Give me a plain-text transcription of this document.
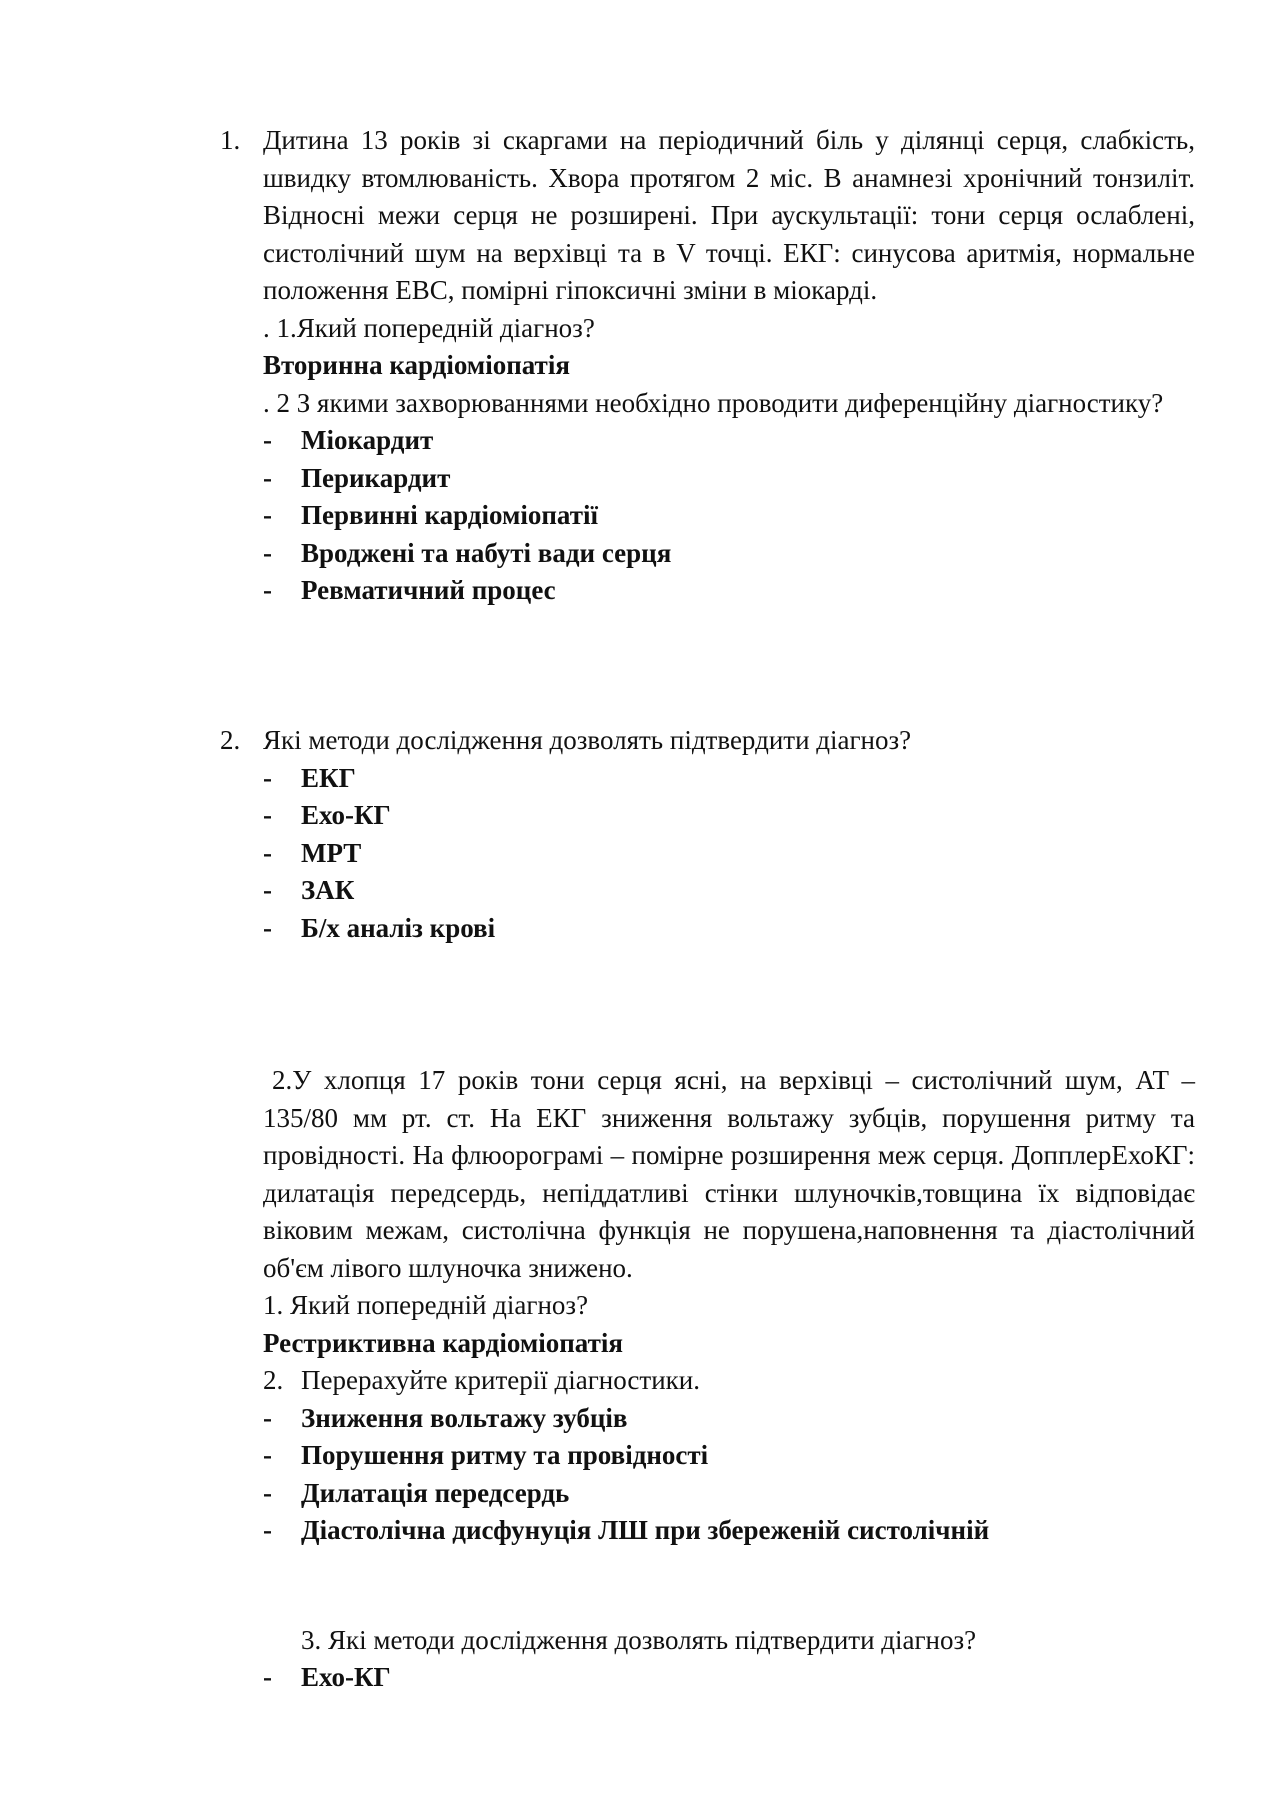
1. Дитина 13 років зі скаргами на періодичний біль у ділянці серця, слабкість, швидку втомлюваність. Хвора протягом 2 міс. В анамнезі хронічний тонзиліт. Відносні межи серця не розширені. При аускультації: тони серця ослаблені, систолічний шум на верхівці та в V точці. ЕКГ: синусова аритмія, нормальне положення ЕВС, помірні гіпоксичні зміни в міокарді.

. 1.Який попередній діагноз?

Вторинна кардіоміопатія

. 2 З якими захворюваннями необхідно проводити диференційну діагностику?

-	Міокардит
-	Перикардит
-	Первинні кардіоміопатії
-	Вроджені та набуті вади серця
-	Ревматичний процес
2. Які методи дослідження дозволять підтвердити діагноз?

-	ЕКГ
-	Ехо-КГ
-	МРТ
-	ЗАК
-	Б/х аналіз крові

2.У хлопця 17 років тони серця ясні, на верхівці – систолічний шум, АТ – 135/80 мм рт. ст. На ЕКГ зниження вольтажу зубців, порушення ритму та провідності. На флюорограмі – помірне розширення меж серця. ДопплерЕхоКГ: дилатація передсердь, непіддатливі стінки шлуночків,товщина їх відповідає віковим межам, систолічна функція не порушена,наповнення та діастолічний об'єм лівого шлуночка знижено.

1. Який попередній діагноз?

Рестриктивна кардіоміопатія

2. Перерахуйте критерії діагностики.
-	Зниження вольтажу зубців
-	Порушення ритму та провідності
-	Дилатація передсердь
-	Діастолічна дисфунуція ЛШ при збереженій систолічній
3. Які методи дослідження дозволять підтвердити діагноз?
-	Ехо-КГ
